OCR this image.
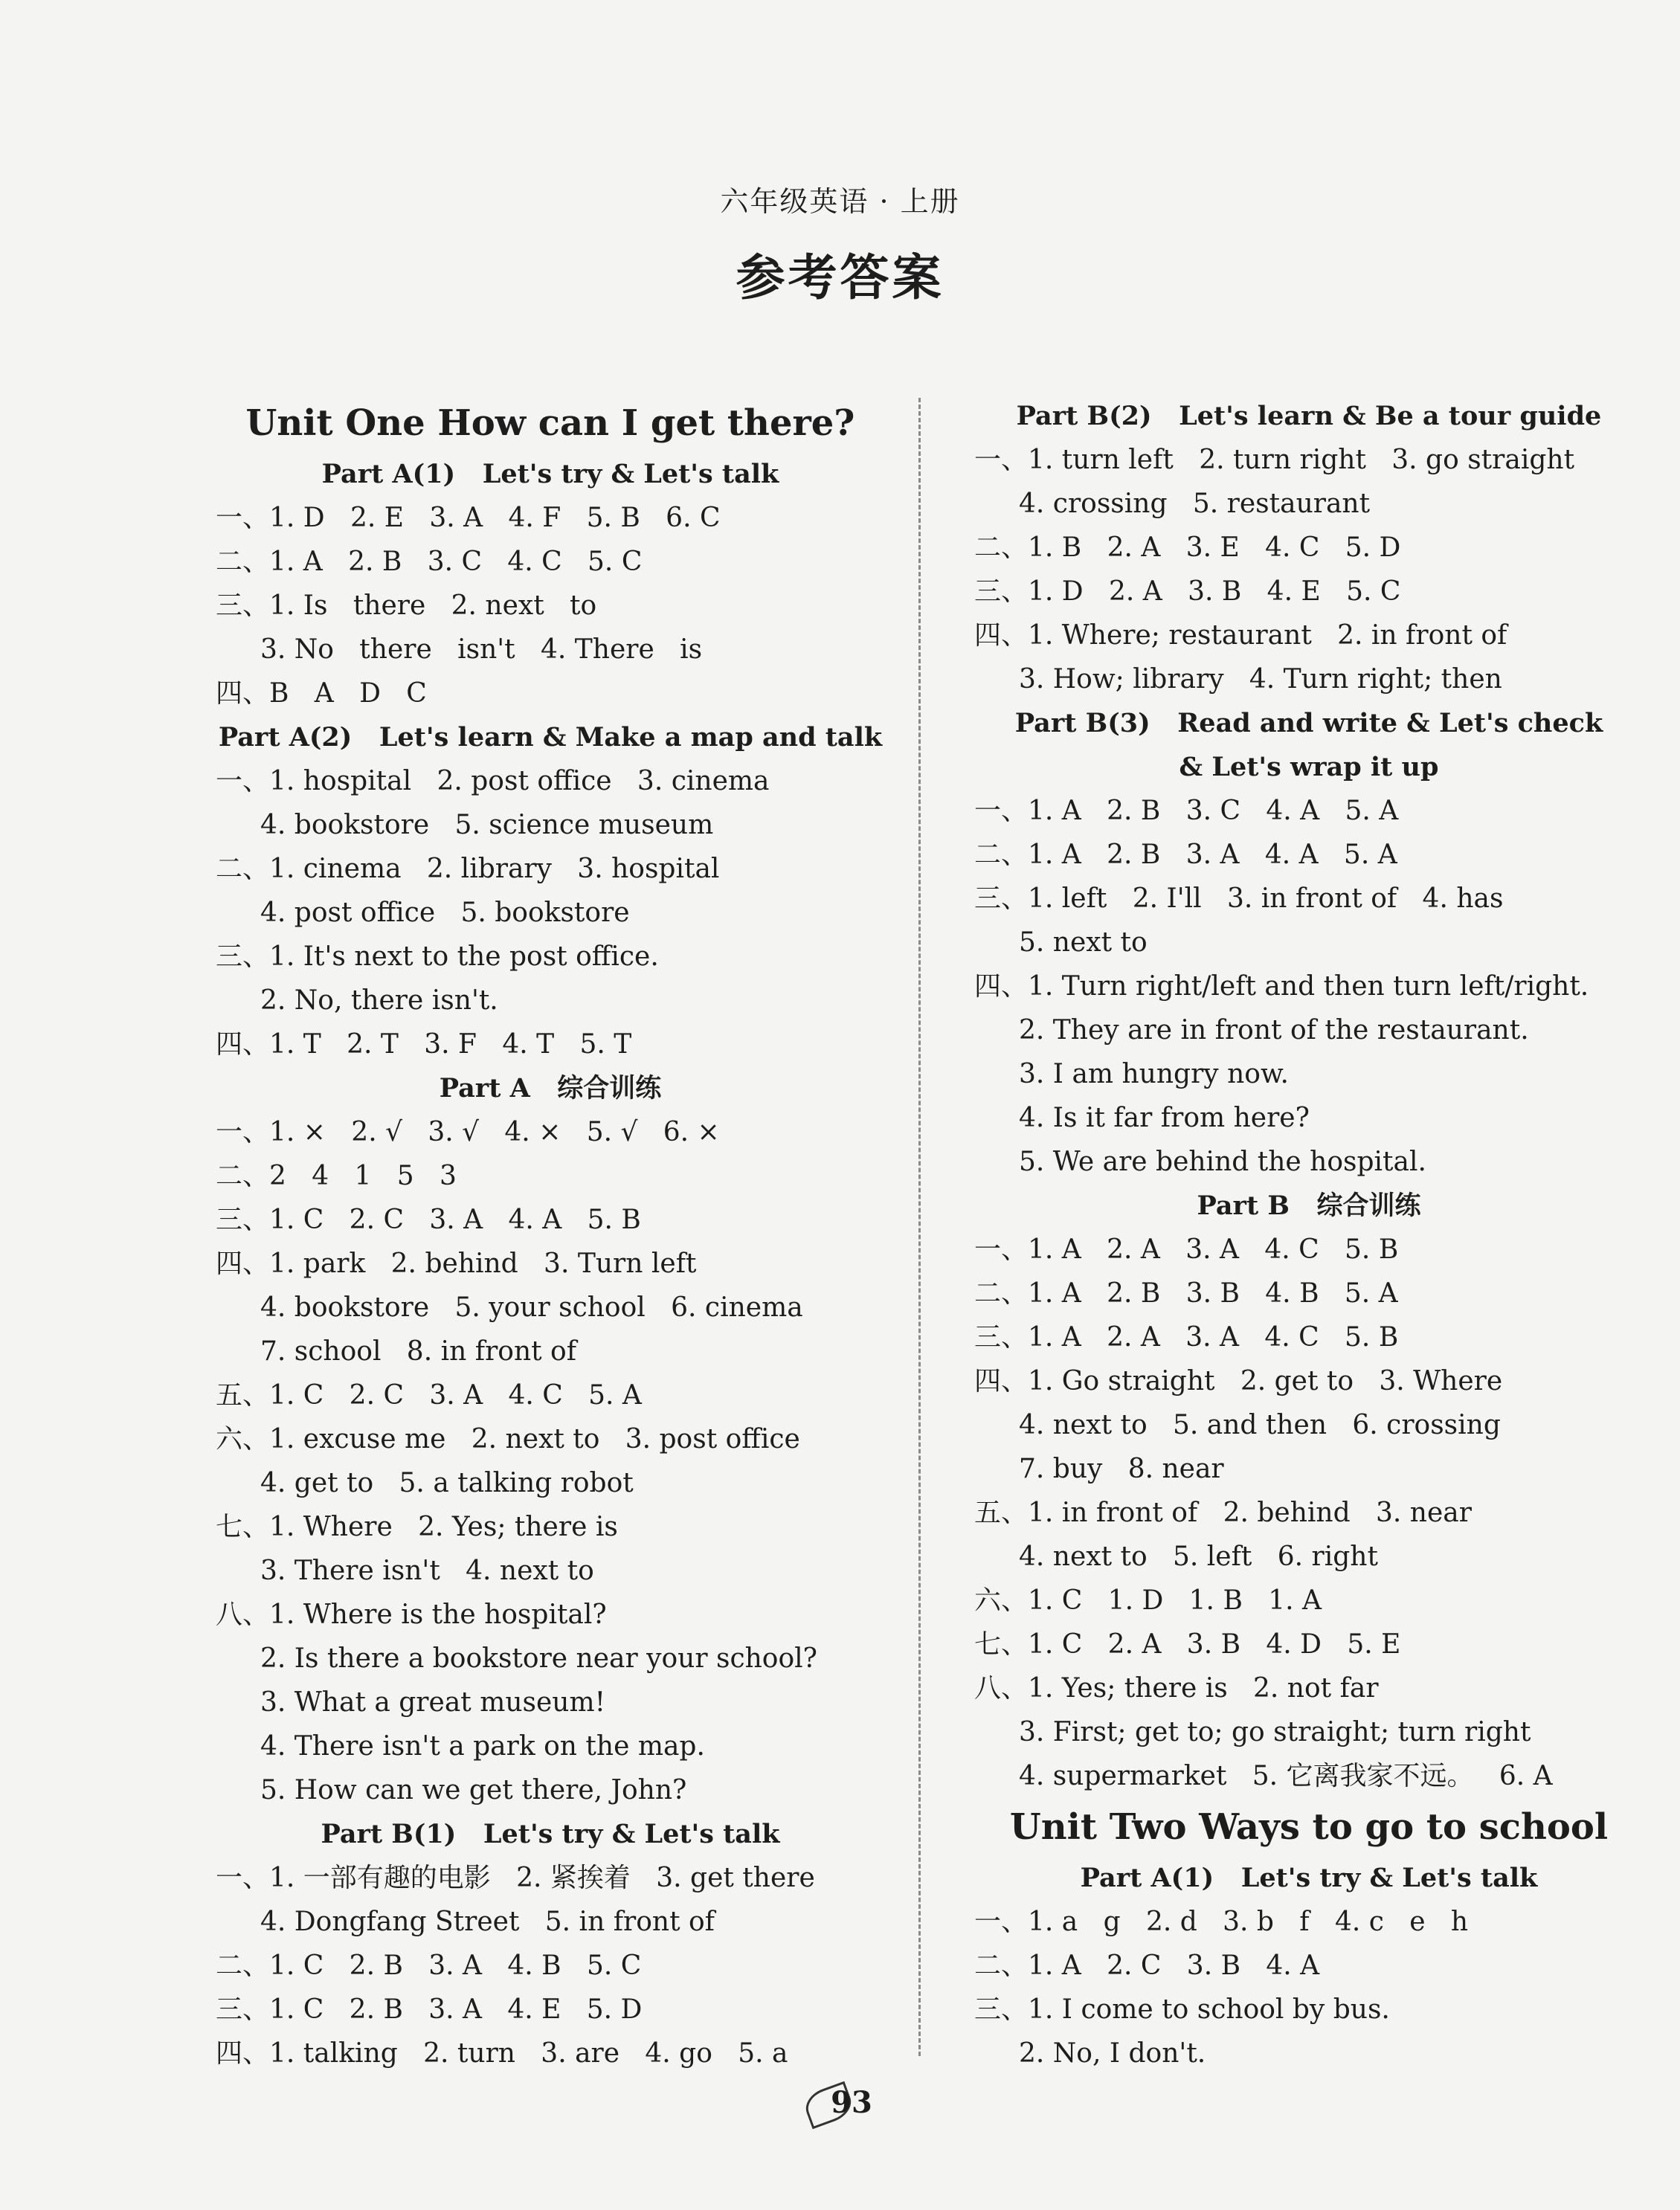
六年级英语 · 上册
参考答案
Unit One How can I get there?
Part A(1)   Let's try & Let's talk
一、1. D   2. E   3. A   4. F   5. B   6. C
二、1. A   2. B   3. C   4. C   5. C
三、1. Is   there   2. next   to
3. No   there   isn't   4. There   is
四、B   A   D   C
Part A(2)   Let's learn & Make a map and talk
一、1. hospital   2. post office   3. cinema
4. bookstore   5. science museum
二、1. cinema   2. library   3. hospital
4. post office   5. bookstore
三、1. It's next to the post office.
2. No, there isn't.
四、1. T   2. T   3. F   4. T   5. T
Part A   综合训练
一、1. ×   2. √   3. √   4. ×   5. √   6. ×
二、2   4   1   5   3
三、1. C   2. C   3. A   4. A   5. B
四、1. park   2. behind   3. Turn left
4. bookstore   5. your school   6. cinema
7. school   8. in front of
五、1. C   2. C   3. A   4. C   5. A
六、1. excuse me   2. next to   3. post office
4. get to   5. a talking robot
七、1. Where   2. Yes; there is
3. There isn't   4. next to
八、1. Where is the hospital?
2. Is there a bookstore near your school?
3. What a great museum!
4. There isn't a park on the map.
5. How can we get there, John?
Part B(1)   Let's try & Let's talk
一、1. 一部有趣的电影   2. 紧挨着   3. get there
4. Dongfang Street   5. in front of
二、1. C   2. B   3. A   4. B   5. C
三、1. C   2. B   3. A   4. E   5. D
四、1. talking   2. turn   3. are   4. go   5. a
Part B(2)   Let's learn & Be a tour guide
一、1. turn left   2. turn right   3. go straight
4. crossing   5. restaurant
二、1. B   2. A   3. E   4. C   5. D
三、1. D   2. A   3. B   4. E   5. C
四、1. Where; restaurant   2. in front of
3. How; library   4. Turn right; then
Part B(3)   Read and write & Let's check
& Let's wrap it up
一、1. A   2. B   3. C   4. A   5. A
二、1. A   2. B   3. A   4. A   5. A
三、1. left   2. I'll   3. in front of   4. has
5. next to
四、1. Turn right/left and then turn left/right.
2. They are in front of the restaurant.
3. I am hungry now.
4. Is it far from here?
5. We are behind the hospital.
Part B   综合训练
一、1. A   2. A   3. A   4. C   5. B
二、1. A   2. B   3. B   4. B   5. A
三、1. A   2. A   3. A   4. C   5. B
四、1. Go straight   2. get to   3. Where
4. next to   5. and then   6. crossing
7. buy   8. near
五、1. in front of   2. behind   3. near
4. next to   5. left   6. right
六、1. C   1. D   1. B   1. A
七、1. C   2. A   3. B   4. D   5. E
八、1. Yes; there is   2. not far
3. First; get to; go straight; turn right
4. supermarket   5. 它离我家不远。   6. A
Unit Two Ways to go to school
Part A(1)   Let's try & Let's talk
一、1. a   g   2. d   3. b   f   4. c   e   h
二、1. A   2. C   3. B   4. A
三、1. I come to school by bus.
2. No, I don't.
93
